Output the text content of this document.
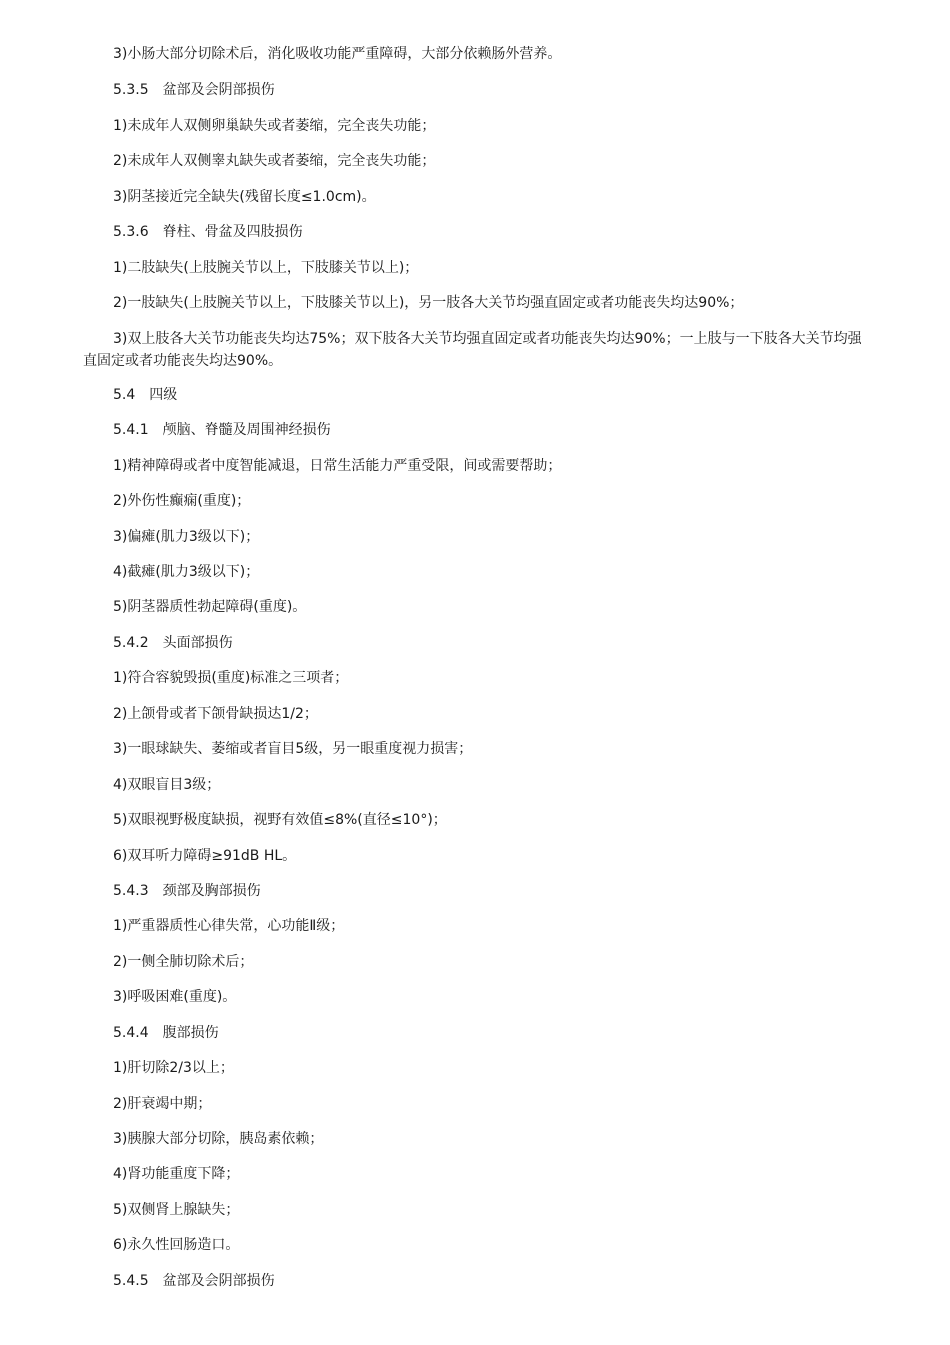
3)小肠大部分切除术后，消化吸收功能严重障碍，大部分依赖肠外营养。
5.3.5　盆部及会阴部损伤
1)未成年人双侧卵巢缺失或者萎缩，完全丧失功能；
2)未成年人双侧睾丸缺失或者萎缩，完全丧失功能；
3)阴茎接近完全缺失(残留长度≤1.0cm)。
5.3.6　脊柱、骨盆及四肢损伤
1)二肢缺失(上肢腕关节以上，下肢膝关节以上)；
2)一肢缺失(上肢腕关节以上，下肢膝关节以上)，另一肢各大关节均强直固定或者功能丧失均达90%；
3)双上肢各大关节功能丧失均达75%；双下肢各大关节均强直固定或者功能丧失均达90%；一上肢与一下肢各大关节均强直固定或者功能丧失均达90%。
5.4　四级
5.4.1　颅脑、脊髓及周围神经损伤
1)精神障碍或者中度智能减退，日常生活能力严重受限，间或需要帮助；
2)外伤性癫痫(重度)；
3)偏瘫(肌力3级以下)；
4)截瘫(肌力3级以下)；
5)阴茎器质性勃起障碍(重度)。
5.4.2　头面部损伤
1)符合容貌毁损(重度)标准之三项者；
2)上颌骨或者下颌骨缺损达1/2；
3)一眼球缺失、萎缩或者盲目5级，另一眼重度视力损害；
4)双眼盲目3级；
5)双眼视野极度缺损，视野有效值≤8%(直径≤10°)；
6)双耳听力障碍≥91dB HL。
5.4.3　颈部及胸部损伤
1)严重器质性心律失常，心功能Ⅱ级；
2)一侧全肺切除术后；
3)呼吸困难(重度)。
5.4.4　腹部损伤
1)肝切除2/3以上；
2)肝衰竭中期；
3)胰腺大部分切除，胰岛素依赖；
4)肾功能重度下降；
5)双侧肾上腺缺失；
6)永久性回肠造口。
5.4.5　盆部及会阴部损伤
